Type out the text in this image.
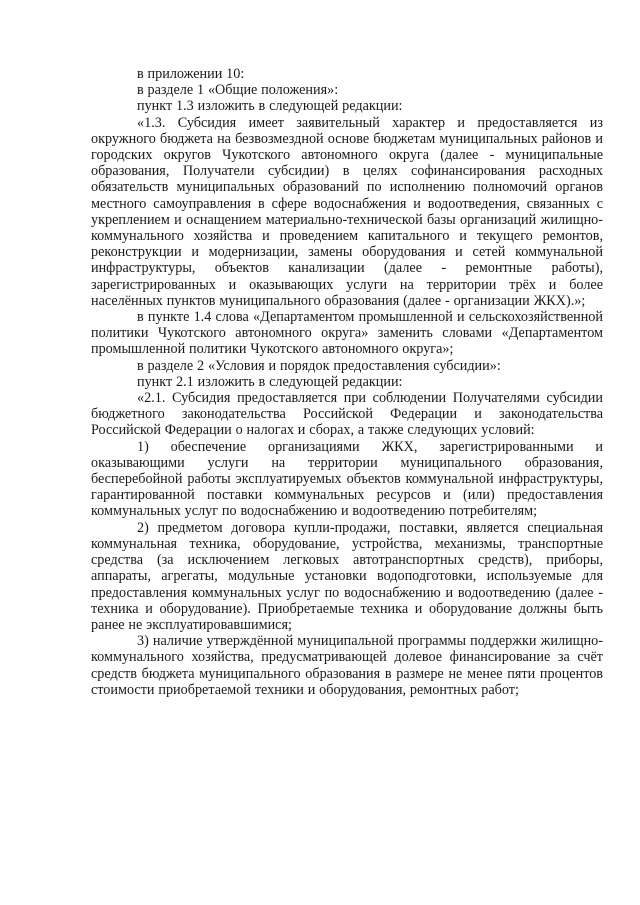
в приложении 10:

в разделе 1 «Общие положения»:

пункт 1.3 изложить в следующей редакции:

«1.3. Субсидия имеет заявительный характер и предоставляется из окружного бюджета на безвозмездной основе бюджетам муниципальных районов и городских округов Чукотского автономного округа (далее - муниципальные образования, Получатели субсидии) в целях софинансирования расходных обязательств муниципальных образований по исполнению полномочий органов местного самоуправления в сфере водоснабжения и водоотведения, связанных с укреплением и оснащением материально-технической базы организаций жилищно-коммунального хозяйства и проведением капитального и текущего ремонтов, реконструкции и модернизации, замены оборудования и сетей коммунальной инфраструктуры, объектов канализации (далее - ремонтные работы), зарегистрированных и оказывающих услуги на территории трёх и более населённых пунктов муниципального образования (далее - организации ЖКХ).»;

в пункте 1.4 слова «Департаментом промышленной и сельскохозяйственной политики Чукотского автономного округа» заменить словами «Департаментом промышленной политики Чукотского автономного округа»;

в разделе 2 «Условия и порядок предоставления субсидии»:

пункт 2.1 изложить в следующей редакции:

«2.1. Субсидия предоставляется при соблюдении Получателями субсидии бюджетного законодательства Российской Федерации и законодательства Российской Федерации о налогах и сборах, а также следующих условий:

1) обеспечение организациями ЖКХ, зарегистрированными и оказывающими услуги на территории муниципального образования, бесперебойной работы эксплуатируемых объектов коммунальной инфраструктуры, гарантированной поставки коммунальных ресурсов и (или) предоставления коммунальных услуг по водоснабжению и водоотведению потребителям;

2) предметом договора купли-продажи, поставки, является специальная коммунальная техника, оборудование, устройства, механизмы, транспортные средства (за исключением легковых автотранспортных средств), приборы, аппараты, агрегаты, модульные установки водоподготовки, используемые для предоставления коммунальных услуг по водоснабжению и водоотведению (далее - техника и оборудование). Приобретаемые техника и оборудование должны быть ранее не эксплуатировавшимися;

3) наличие утверждённой муниципальной программы поддержки жилищно-коммунального хозяйства, предусматривающей долевое финансирование за счёт средств бюджета муниципального образования в размере не менее пяти процентов стоимости приобретаемой техники и оборудования, ремонтных работ;
